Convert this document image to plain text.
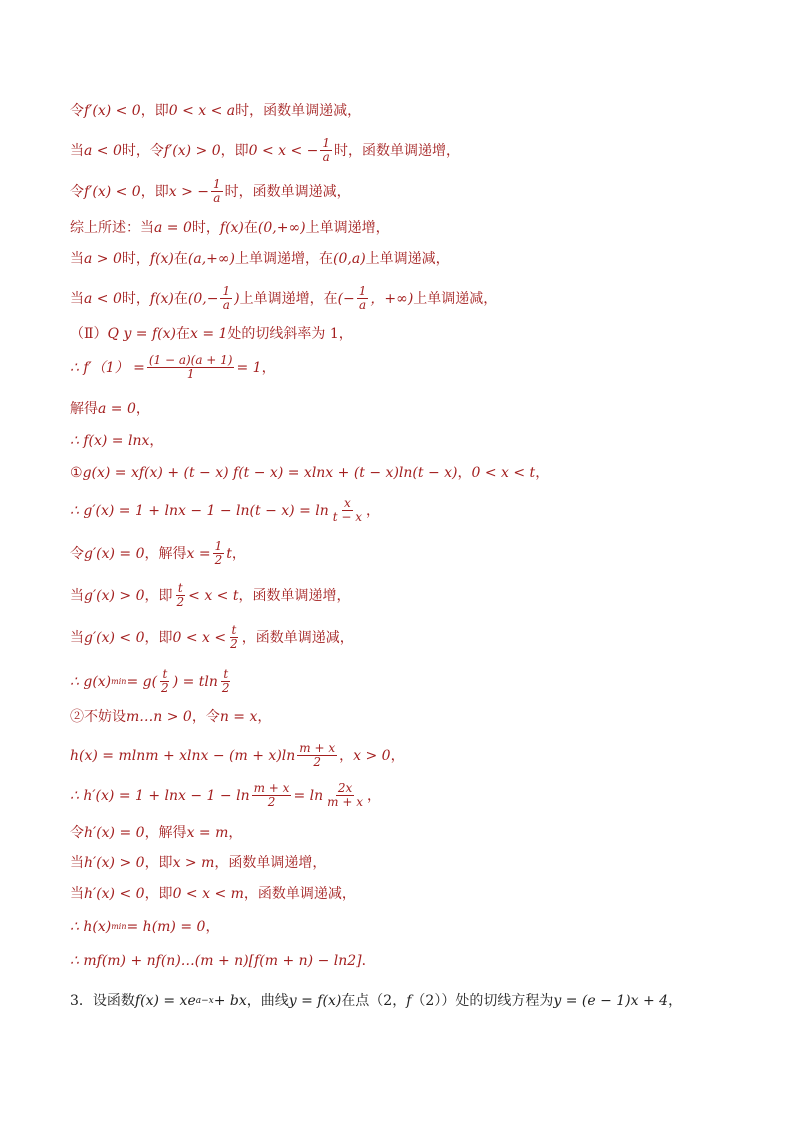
令 f′(x) < 0 ，即 0 < x < a 时，函数单调递减，
当 a < 0 时，令 f′(x) > 0 ，即 0 < x < − $\frac{1}{a}$ 时，函数单调递增，
令 f′(x) < 0 ，即 x > − $\frac{1}{a}$ 时，函数单调递减，
综上所述：当 a = 0 时， f(x) 在 (0,+∞) 上单调递增，
当 a > 0 时， f(x) 在 (a,+∞) 上单调递增，在 (0,a) 上单调递减，
当 a < 0 时， f(x) 在 ($0,- \frac{1}{a}$ ) 上单调递增，在 (− $\frac{1}{a}$ ，+∞) 上单调递减，
（Ⅱ） Q y = f(x) 在 x = 1 处的切线斜率为 1，
∴ $f'(1) = \frac{(1 - a)(a + 1)}{1} = 1$ ，
解得 a = 0 ，
∴ f(x) = lnx ，
① g(x) = xf(x) + (t − x) f(t − x) = xlnx + (t − x)ln(t − x) ， 0 < x < t ，
∴ $g'(x) = 1 + \ln x - 1 - \ln(t - x) = \ln \frac{x}{t - x}$ ，
令 g′(x) = 0 ，解得 $x = \frac{1}{2}$ t ，
当 g′(x) > 0 ，即 $\frac{t}{2} < x < t$ ，函数单调递增，
当 g′(x) < 0 ，即 $0 < x < \frac{t}{2}$ ，函数单调递减，
∴ g(x) $\min = g( \frac{t}{2}$ ) = tln $\frac{t}{2}$
②不妨设 m…n > 0 ，令 n = x ，
$h(x) = mlnm + xlnx - (m + x)\ln \frac{m + x}{2}$ ， x > 0 ，
∴ $h'(x) = 1 + \ln x - 1 - \ln \frac{m + x}{2} = \ln \frac{2x}{m + x}$ ，
令 h′(x) = 0 ，解得 x = m ，
当 h′(x) > 0 ，即 x > m ，函数单调递增，
当 h′(x) < 0 ，即 0 < x < m ，函数单调递减，
∴ h(x) min = h(m) = 0 ，
∴ mf(m) + nf(n)…(m + n)[f(m + n) − ln2] ．
3．设函数 f(x) = xe a−x + bx ，曲线 y = f(x) 在点（2， f （2））处的切线方程为 y = (e − 1)x + 4 ，
